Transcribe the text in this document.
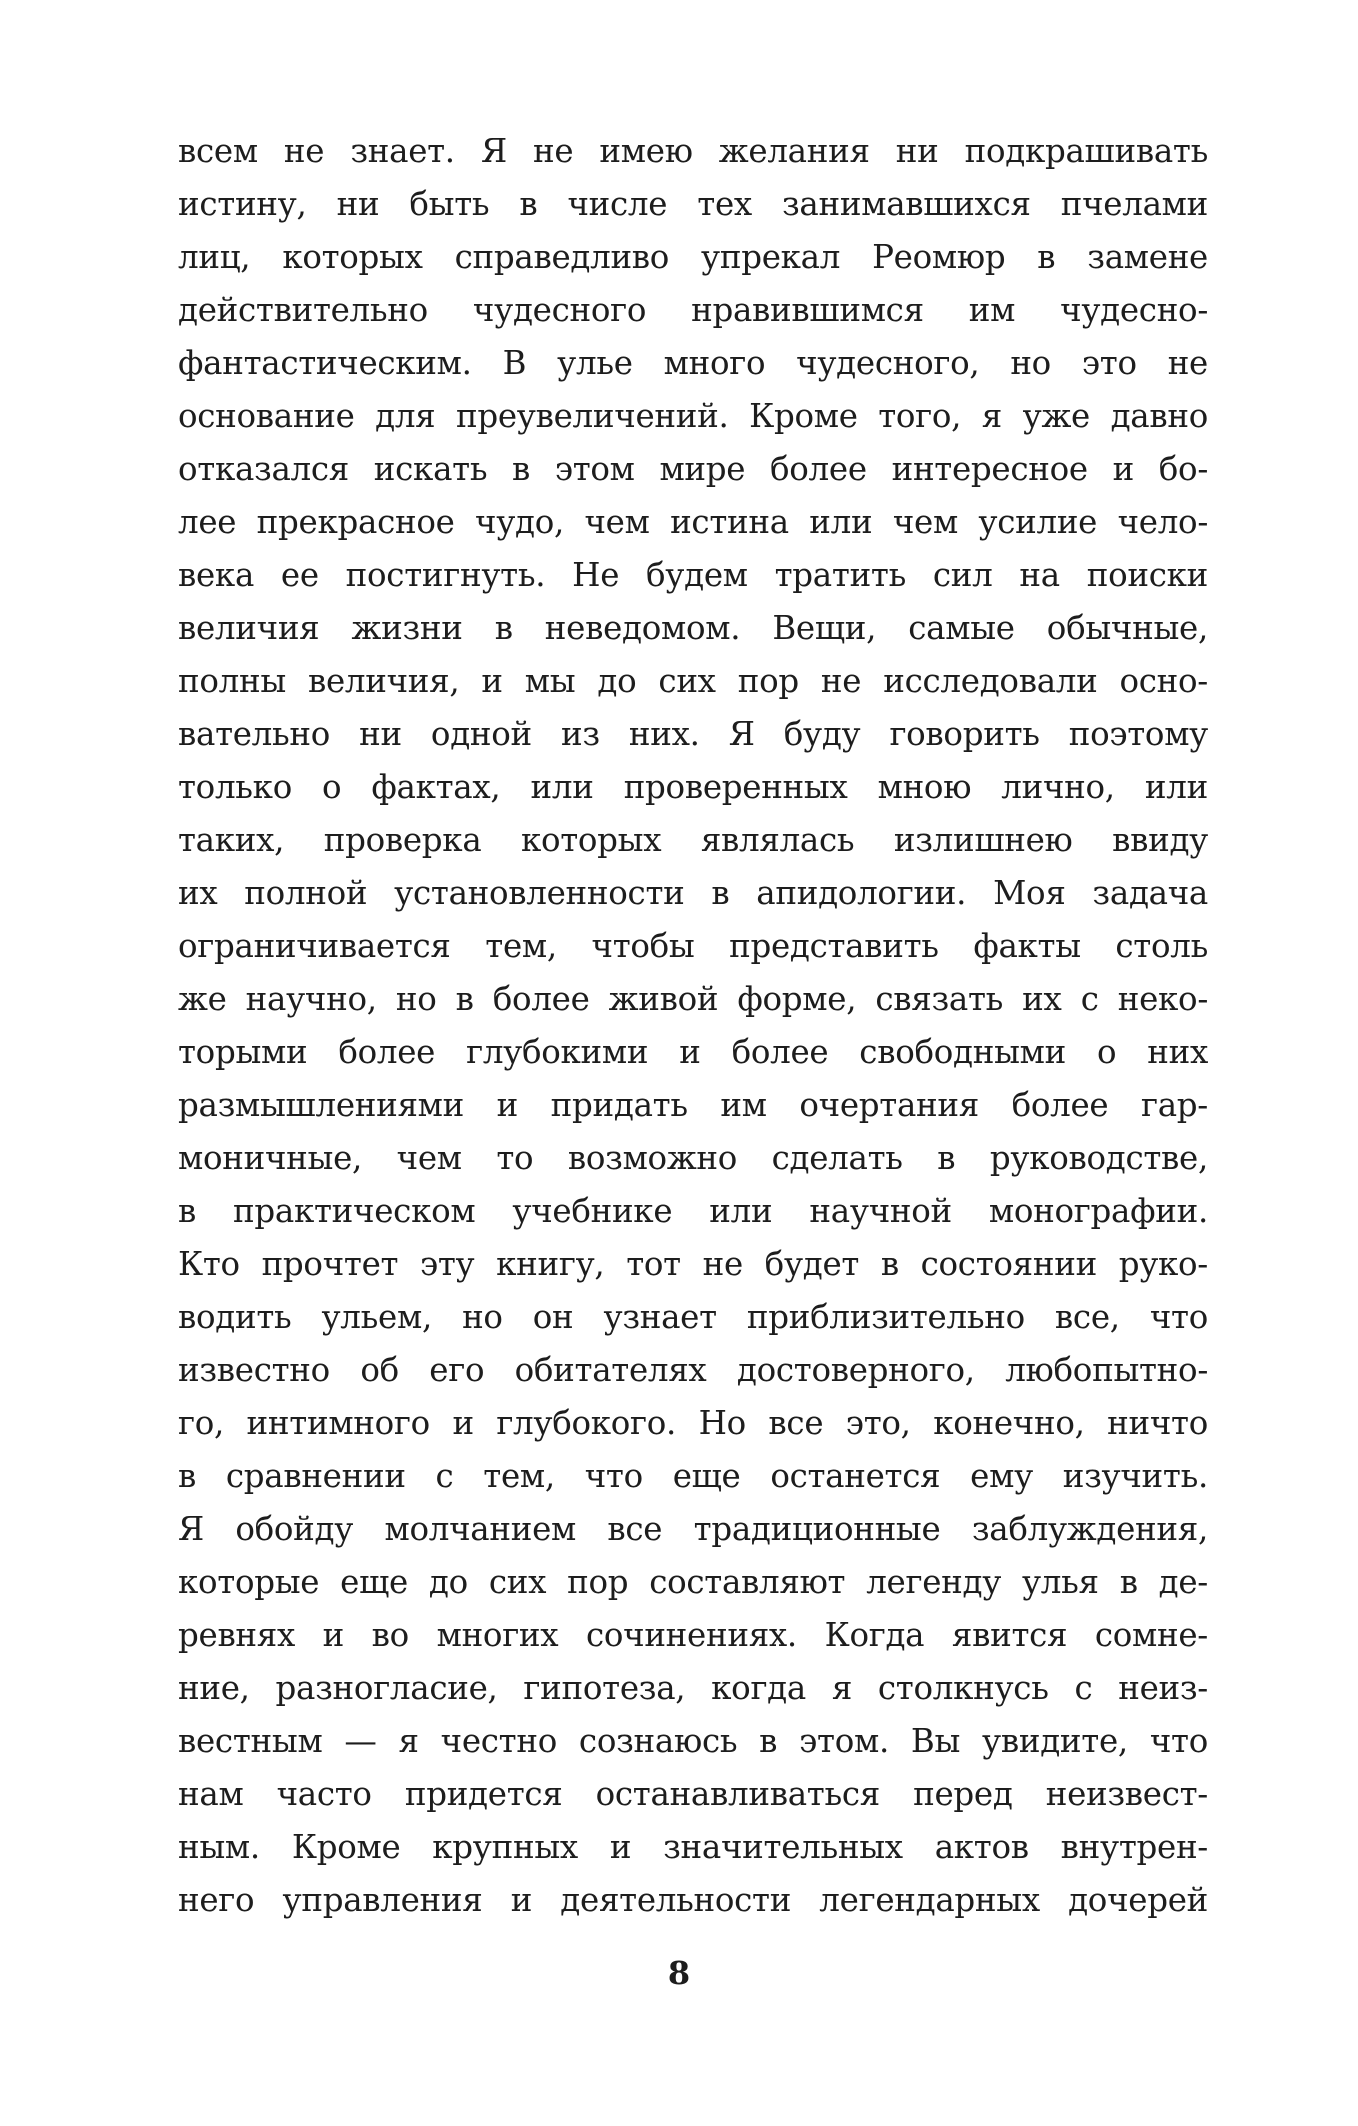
всем не знает. Я не имею желания ни подкрашивать
истину, ни быть в числе тех занимавшихся пчелами
лиц, которых справедливо упрекал Реомюр в замене
действительно чудесного нравившимся им чудесно-
фантастическим. В улье много чудесного, но это не
основание для преувеличений. Кроме того, я уже давно
отказался искать в этом мире более интересное и бо-
лее прекрасное чудо, чем истина или чем усилие чело-
века ее постигнуть. Не будем тратить сил на поиски
величия жизни в неведомом. Вещи, самые обычные,
полны величия, и мы до сих пор не исследовали осно-
вательно ни одной из них. Я буду говорить поэтому
только о фактах, или проверенных мною лично, или
таких, проверка которых являлась излишнею ввиду
их полной установленности в апидологии. Моя задача
ограничивается тем, чтобы представить факты столь
же научно, но в более живой форме, связать их с неко-
торыми более глубокими и более свободными о них
размышлениями и придать им очертания более гар-
моничные, чем то возможно сделать в руководстве,
в практическом учебнике или научной монографии.
Кто прочтет эту книгу, тот не будет в состоянии руко-
водить ульем, но он узнает приблизительно все, что
известно об его обитателях достоверного, любопытно-
го, интимного и глубокого. Но все это, конечно, ничто
в сравнении с тем, что еще останется ему изучить.
Я обойду молчанием все традиционные заблуждения,
которые еще до сих пор составляют легенду улья в де-
ревнях и во многих сочинениях. Когда явится сомне-
ние, разногласие, гипотеза, когда я столкнусь с неиз-
вестным — я честно сознаюсь в этом. Вы увидите, что
нам часто придется останавливаться перед неизвест-
ным. Кроме крупных и значительных актов внутрен-
него управления и деятельности легендарных дочерей
8
